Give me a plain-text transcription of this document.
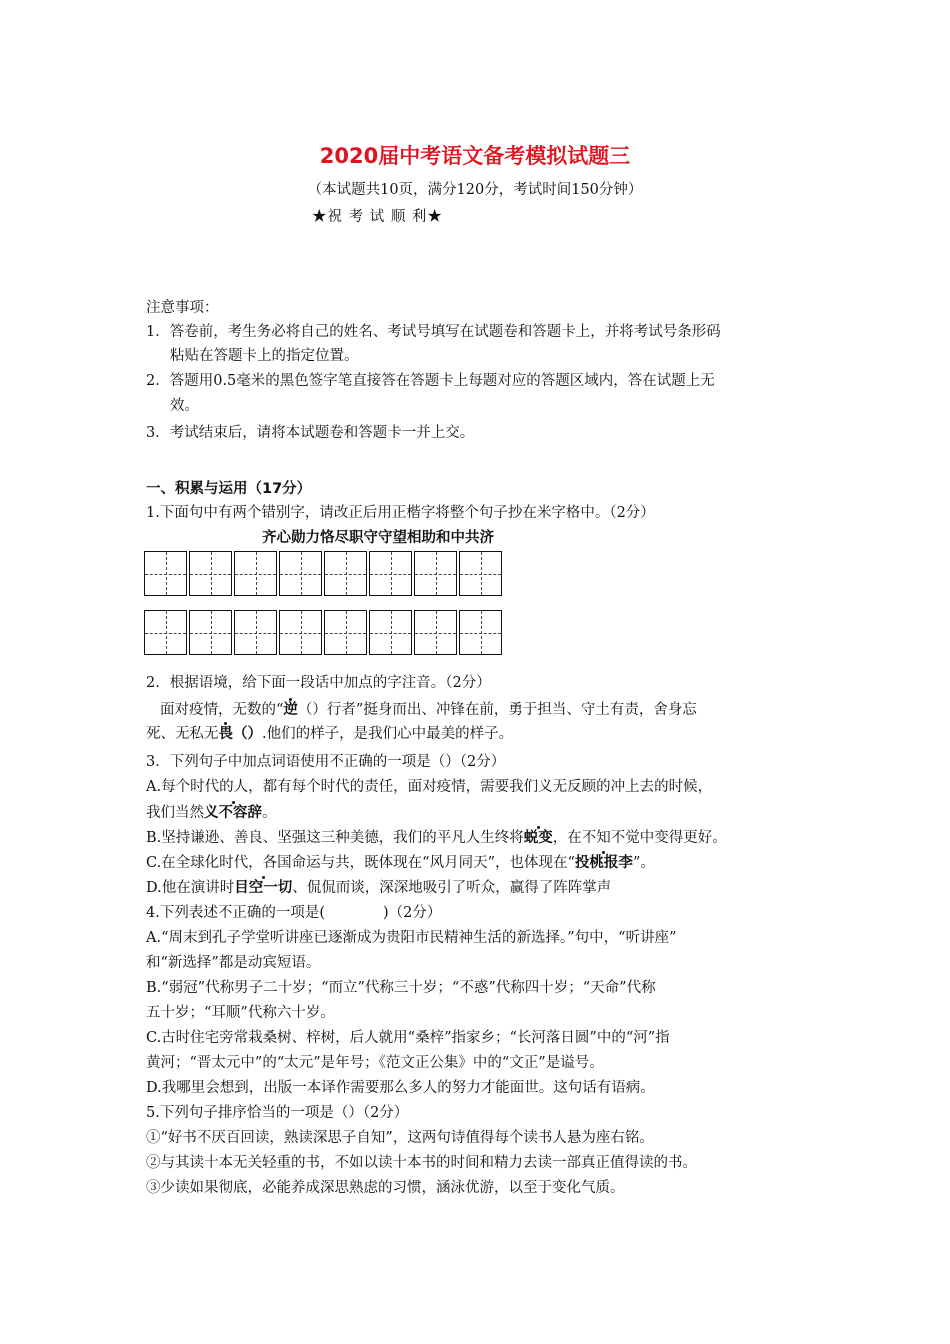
2020届中考语文备考模拟试题三
（本试题共10页，满分120分，考试时间150分钟）
★祝 考 试 顺 利★
注意事项：
1．答卷前，考生务必将自己的姓名、考试号填写在试题卷和答题卡上，并将考试号条形码
粘贴在答题卡上的指定位置。
2．答题用0.5毫米的黑色签字笔直接答在答题卡上每题对应的答题区域内，答在试题上无
效。
3．考试结束后，请将本试题卷和答题卡一并上交。
一、积累与运用（17分）
1.下面句中有两个错别字，请改正后用正楷字将整个句子抄在米字格中。（2分）
齐心勋力恪尽职守守望相助和中共济
2．根据语境，给下面一段话中加点的字注音。（2分）
面对疫情，无数的“逆（）行者”挺身而出、冲锋在前，勇于担当、守土有责，舍身忘
死、无私无畏（）.他们的样子，是我们心中最美的样子。
3．下列句子中加点词语使用不正确的一项是（）（2分）
A.每个时代的人，都有每个时代的责任，面对疫情，需要我们义无反顾的冲上去的时候，
我们当然义不容辞。
B.坚持谦逊、善良、坚强这三种美德，我们的平凡人生终将蜕变，在不知不觉中变得更好。
C.在全球化时代，各国命运与共，既体现在“风月同天”，也体现在“投桃报李”。
D.他在演讲时目空一切、侃侃而谈，深深地吸引了听众，赢得了阵阵掌声
4.下列表述不正确的一项是(　　　　)（2分）
A.“周末到孔子学堂听讲座已逐渐成为贵阳市民精神生活的新选择。”句中，“听讲座”
和“新选择”都是动宾短语。
B.“弱冠”代称男子二十岁；“而立”代称三十岁；“不惑”代称四十岁；“天命”代称
五十岁；“耳顺”代称六十岁。
C.古时住宅旁常栽桑树、梓树，后人就用“桑梓”指家乡；“长河落日圆”中的“河”指
黄河；“晋太元中”的“太元”是年号；《范文正公集》中的“文正”是谥号。
D.我哪里会想到，出版一本译作需要那么多人的努力才能面世。这句话有语病。
5.下列句子排序恰当的一项是（）（2分）
①“好书不厌百回读，熟读深思子自知”，这两句诗值得每个读书人悬为座右铭。
②与其读十本无关轻重的书，不如以读十本书的时间和精力去读一部真正值得读的书。
③少读如果彻底，必能养成深思熟虑的习惯，涵泳优游，以至于变化气质。
